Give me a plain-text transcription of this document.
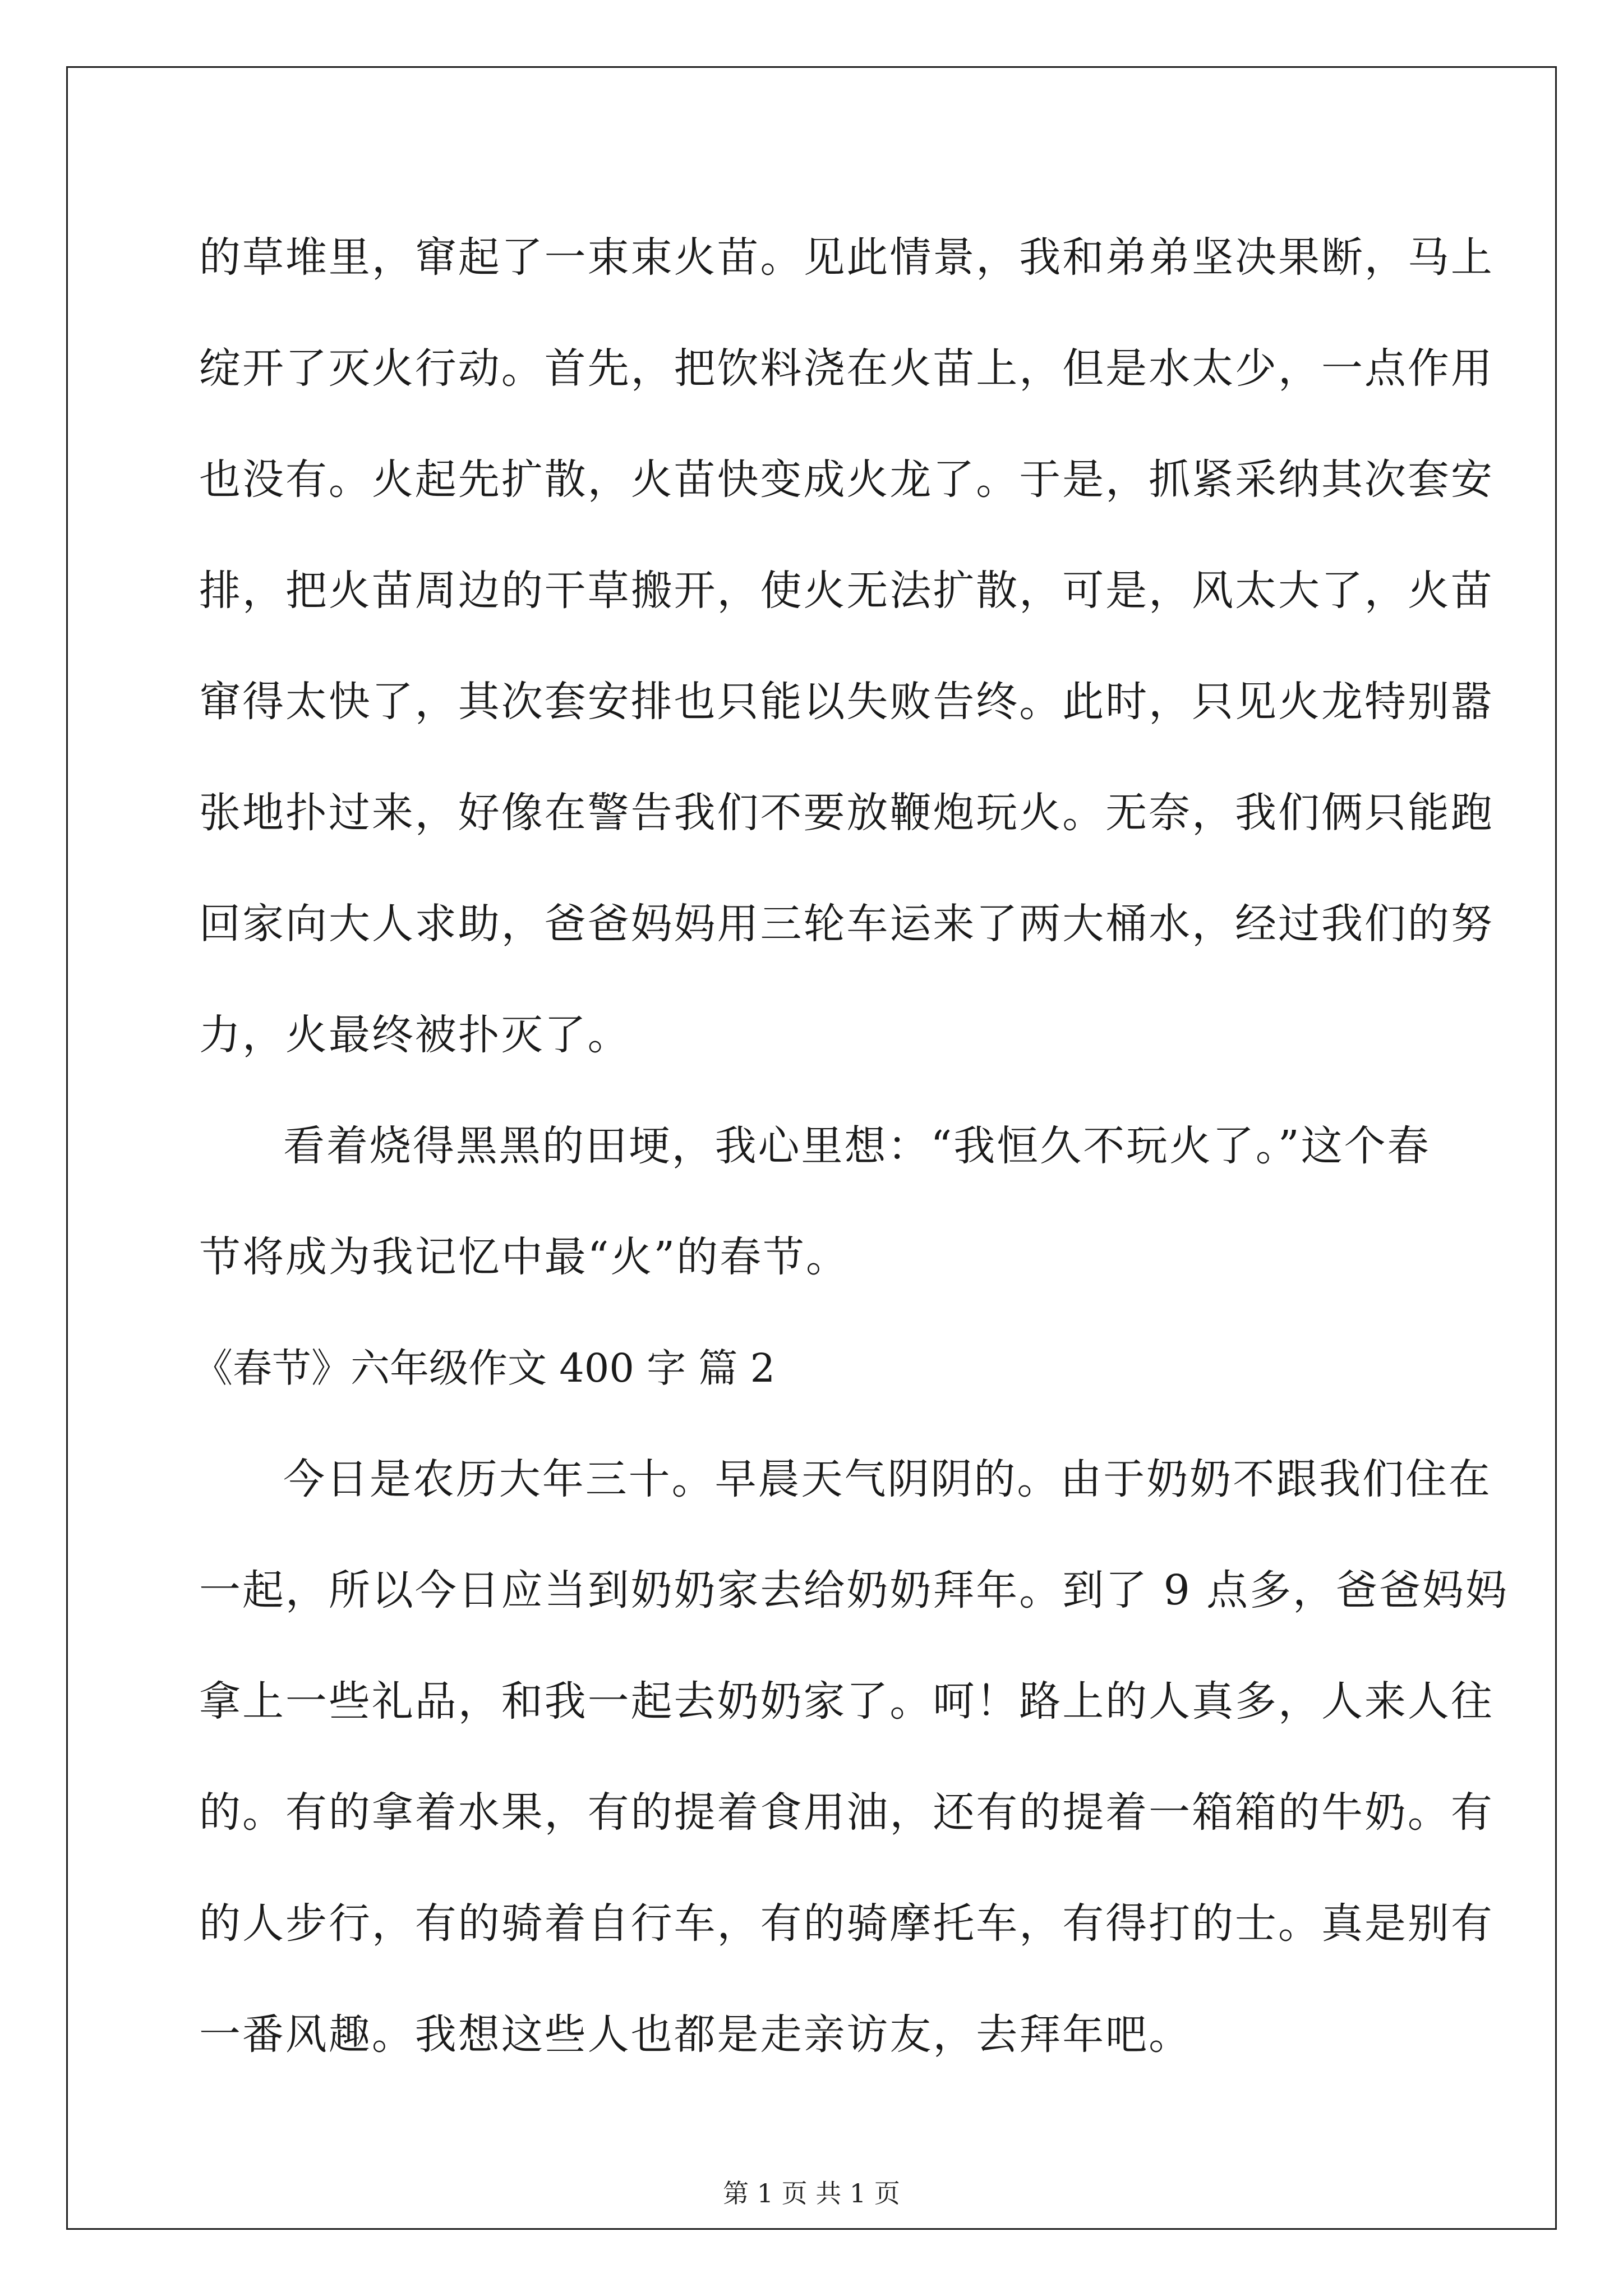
的草堆里，窜起了一束束火苗。见此情景，我和弟弟坚决果断，马上
绽开了灭火行动。首先，把饮料浇在火苗上，但是水太少，一点作用
也没有。火起先扩散，火苗快变成火龙了。于是，抓紧采纳其次套安
排，把火苗周边的干草搬开，使火无法扩散，可是，风太大了，火苗
窜得太快了，其次套安排也只能以失败告终。此时，只见火龙特别嚣
张地扑过来，好像在警告我们不要放鞭炮玩火。无奈，我们俩只能跑
回家向大人求助，爸爸妈妈用三轮车运来了两大桶水，经过我们的努
力，火最终被扑灭了。
看着烧得黑黑的田埂，我心里想：“我恒久不玩火了。”这个春
节将成为我记忆中最“火”的春节。
《春节》六年级作文 400 字 篇 2
今日是农历大年三十。早晨天气阴阴的。由于奶奶不跟我们住在
一起，所以今日应当到奶奶家去给奶奶拜年。到了 9 点多，爸爸妈妈
拿上一些礼品，和我一起去奶奶家了。呵！路上的人真多，人来人往
的。有的拿着水果，有的提着食用油，还有的提着一箱箱的牛奶。有
的人步行，有的骑着自行车，有的骑摩托车，有得打的士。真是别有
一番风趣。我想这些人也都是走亲访友，去拜年吧。
第 1 页 共 1 页
